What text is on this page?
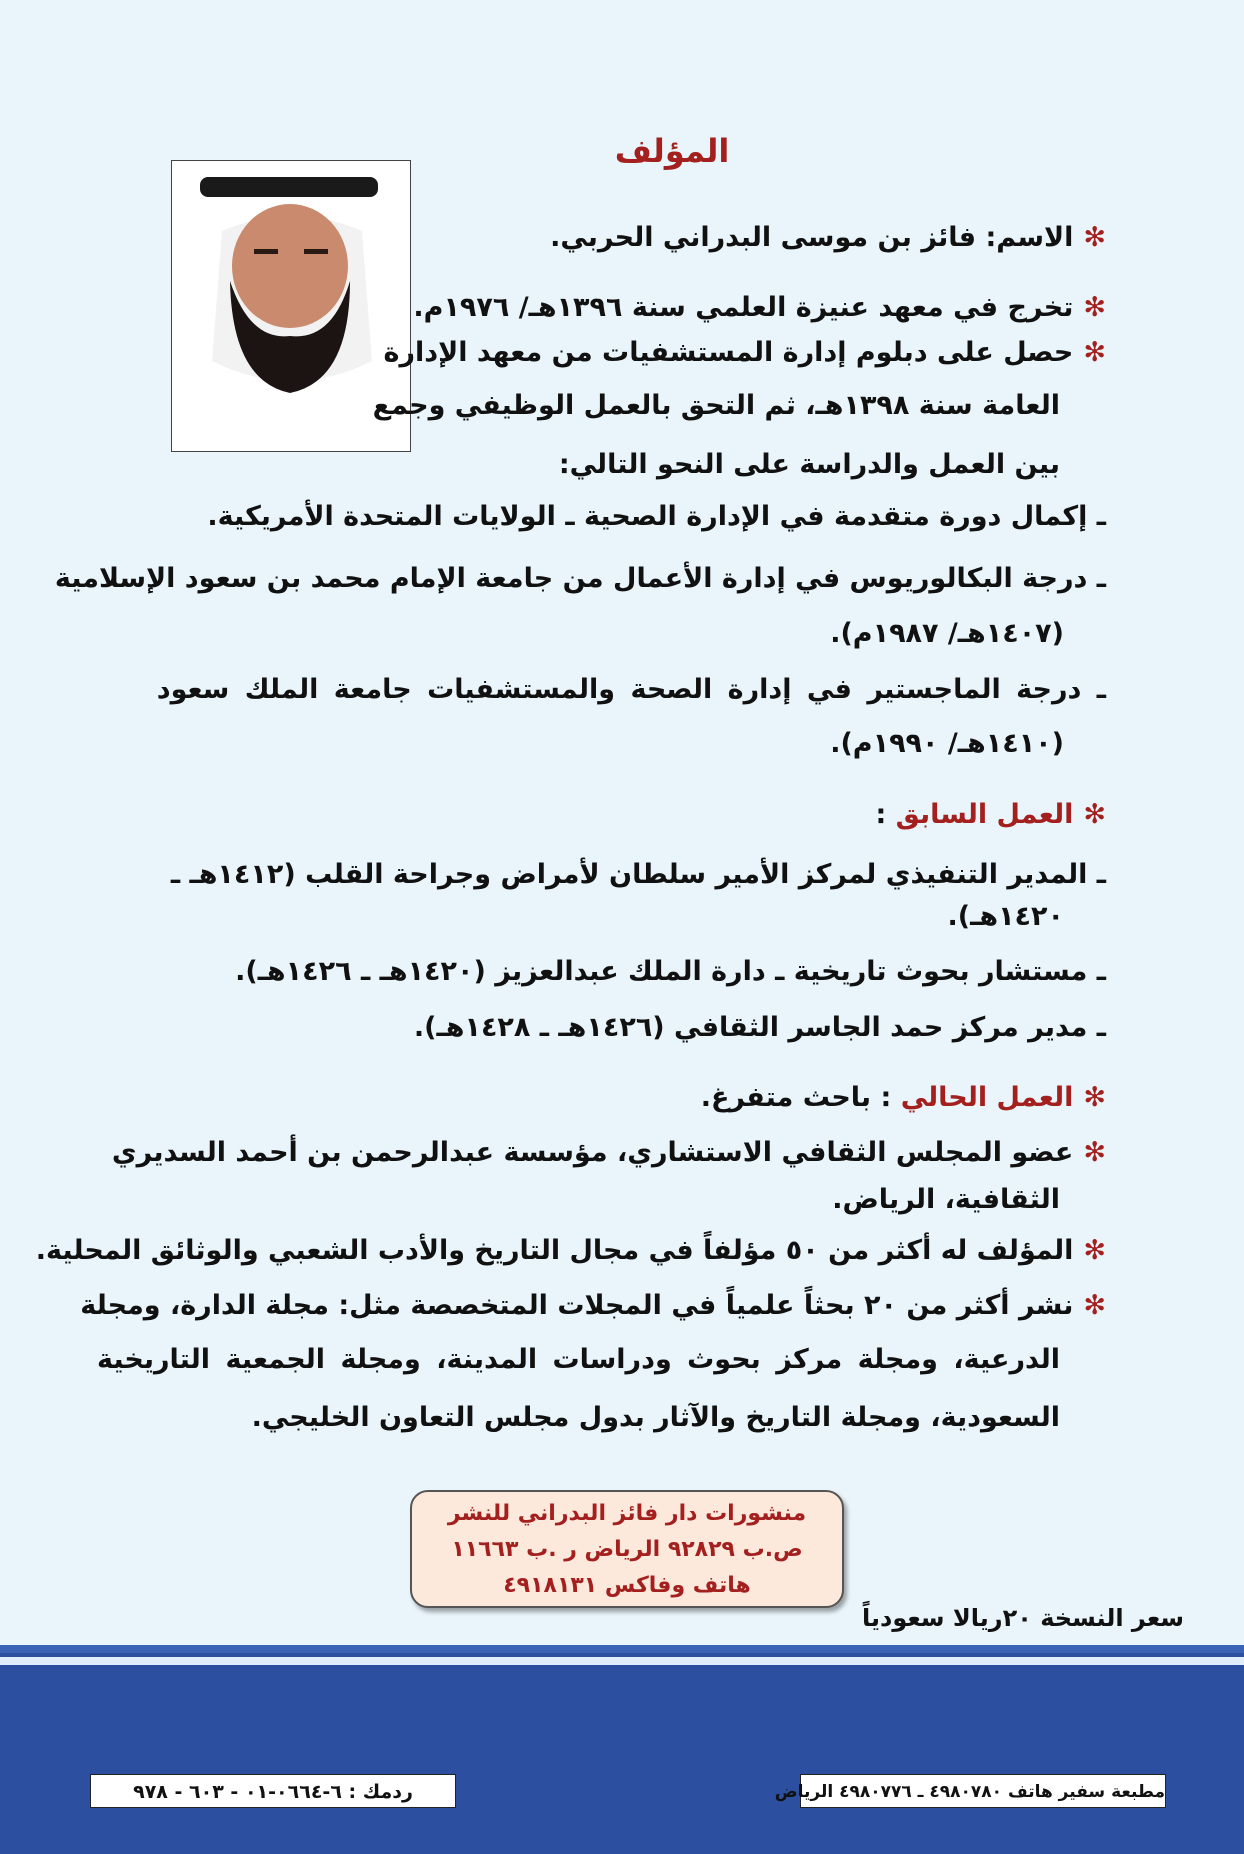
المؤلف
✻الاسم: فائز بن موسى البدراني الحربي.
✻تخرج في معهد عنيزة العلمي سنة ١٣٩٦هـ/ ١٩٧٦م.
✻حصل على دبلوم إدارة المستشفيات من معهد الإدارة
العامة سنة ١٣٩٨هـ، ثم التحق بالعمل الوظيفي وجمع
بين العمل والدراسة على النحو التالي:
ـ إكمال دورة متقدمة في الإدارة الصحية ـ الولايات المتحدة الأمريكية.
ـ درجة البكالوريوس في إدارة الأعمال من جامعة الإمام محمد بن سعود الإسلامية
(١٤٠٧هـ/ ١٩٨٧م).
ـ درجة الماجستير في إدارة الصحة والمستشفيات جامعة الملك سعود
(١٤١٠هـ/ ١٩٩٠م).
✻العمل السابق :
ـ المدير التنفيذي لمركز الأمير سلطان لأمراض وجراحة القلب (١٤١٢هـ ـ
١٤٢٠هـ).
ـ مستشار بحوث تاريخية ـ دارة الملك عبدالعزيز (١٤٢٠هـ ـ ١٤٢٦هـ).
ـ مدير مركز حمد الجاسر الثقافي (١٤٢٦هـ ـ ١٤٢٨هـ).
✻العمل الحالي : باحث متفرغ.
✻عضو المجلس الثقافي الاستشاري، مؤسسة عبدالرحمن بن أحمد السديري
الثقافية، الرياض.
✻المؤلف له أكثر من ٥٠ مؤلفاً في مجال التاريخ والأدب الشعبي والوثائق المحلية.
✻نشر أكثر من ٢٠ بحثاً علمياً في المجلات المتخصصة مثل: مجلة الدارة، ومجلة
الدرعية، ومجلة مركز بحوث ودراسات المدينة، ومجلة الجمعية التاريخية
السعودية، ومجلة التاريخ والآثار بدول مجلس التعاون الخليجي.
منشورات دار فائز البدراني للنشر
ص.ب ٩٢٨٢٩ الرياض ر .ب ١١٦٦٣
هاتف وفاكس ٤٩١٨١٣١
سعر النسخة ٢٠ريالا سعودياً
ردمك : ٦-٠٦٦٤-٠١ - ٦٠٣ - ٩٧٨	مطبعة سفير هاتف ٤٩٨٠٧٨٠ ـ ٤٩٨٠٧٧٦ الرياض
